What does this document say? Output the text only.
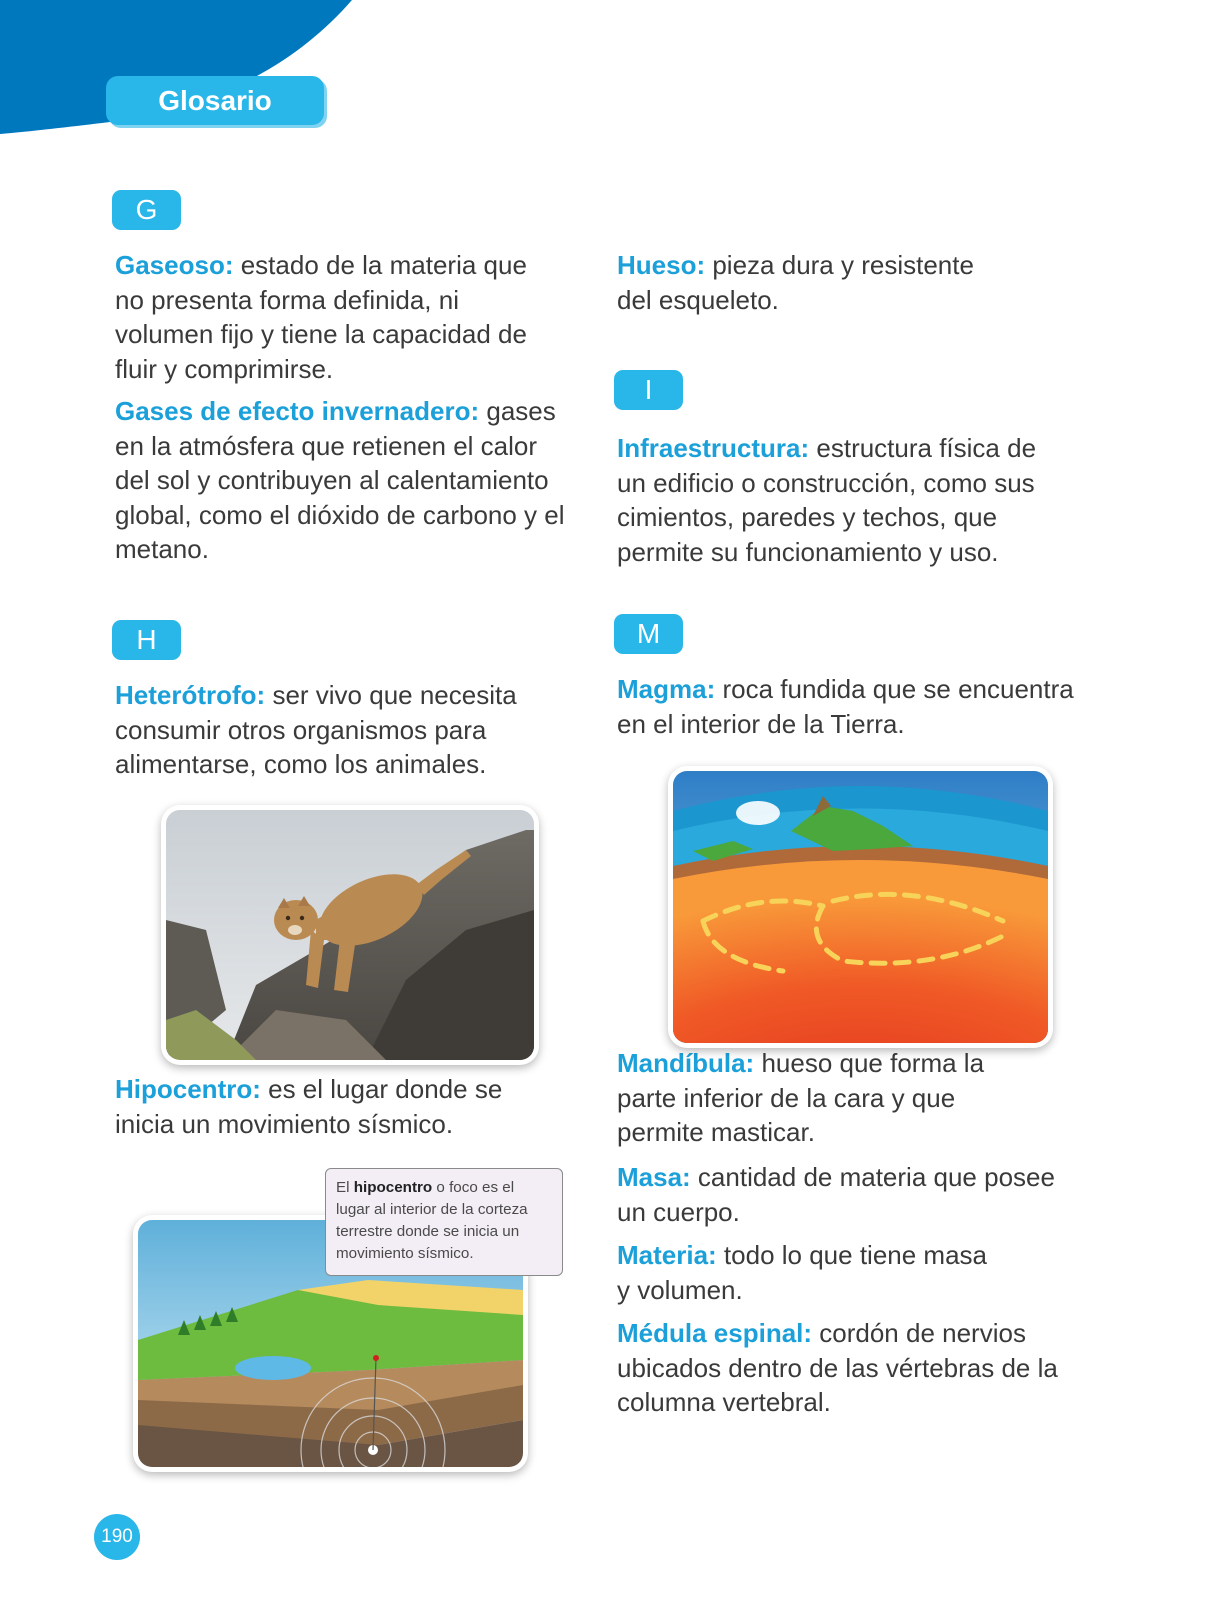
Glosario
G
H
I
M
Gaseoso: estado de la materia que no presenta forma definida, ni volumen fijo y tiene la capacidad de fluir y comprimirse.
Gases de efecto invernadero: gases en la atmósfera que retienen el calor del sol y contribuyen al calentamiento global, como el dióxido de carbono y el metano.
Heterótrofo: ser vivo que necesita consumir otros organismos para alimentarse, como los animales.
Hipocentro: es el lugar donde se inicia un movimiento sísmico.
Hueso: pieza dura y resistente del esqueleto.
Infraestructura: estructura física de un edificio o construcción, como sus cimientos, paredes y techos, que permite su funcionamiento y uso.
Magma: roca fundida que se encuentra en el interior de la Tierra.
Mandíbula: hueso que forma la parte inferior de la cara y que permite masticar.
Masa: cantidad de materia que posee un cuerpo.
Materia: todo lo que tiene masa y volumen.
Médula espinal: cordón de nervios ubicados dentro de las vértebras de la columna vertebral.
El hipocentro o foco es el lugar al interior de la corteza terrestre donde se inicia un movimiento sísmico.
190
